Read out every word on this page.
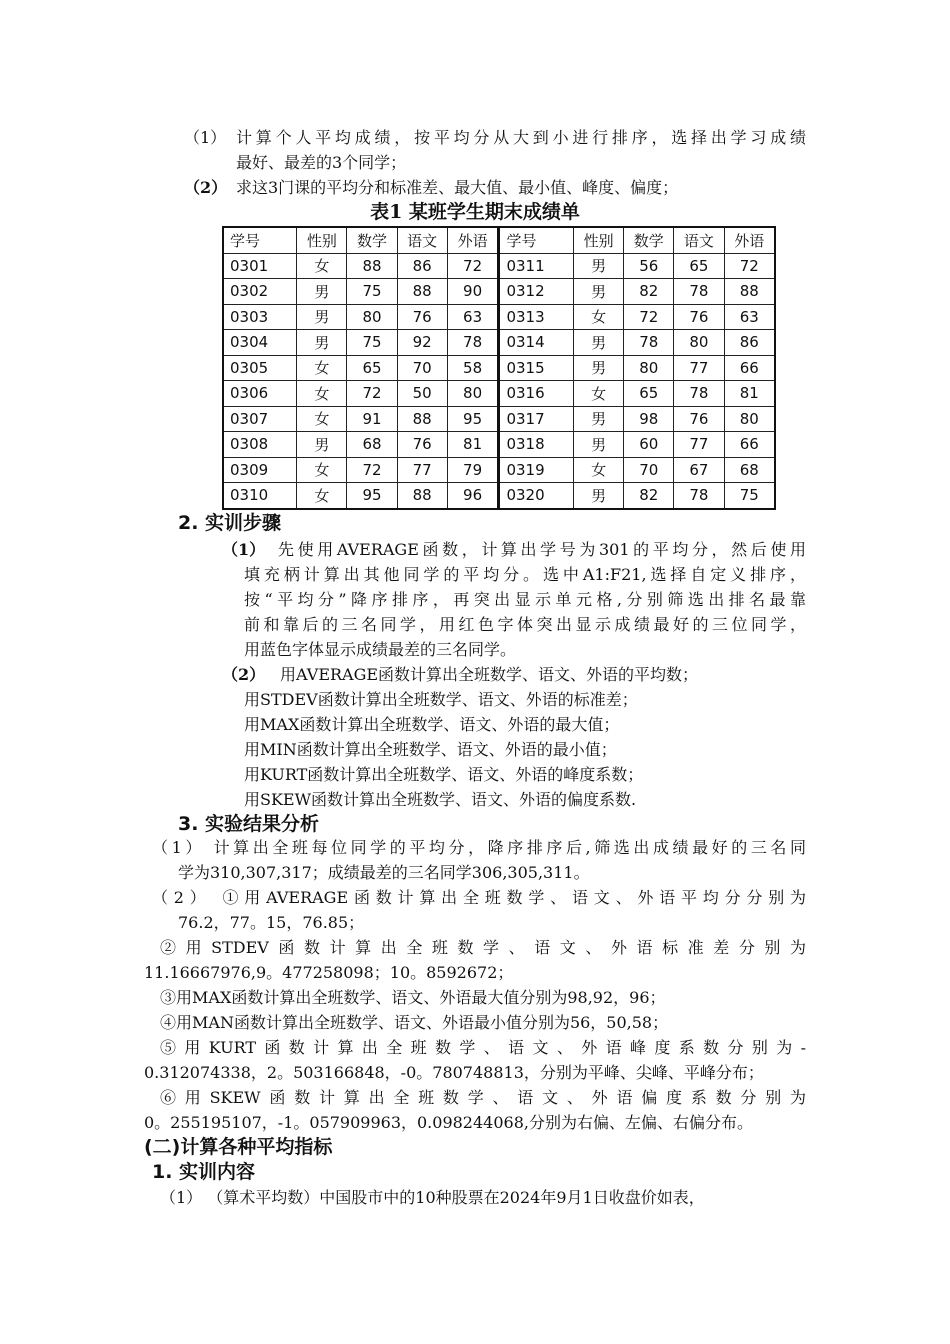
（1） 计算个人平均成绩，按平均分从大到小进行排序，选择出学习成绩
最好、最差的3个同学；
（2） 求这3门课的平均分和标准差、最大值、最小值、峰度、偏度；
表1 某班学生期末成绩单
学号	性别	数学	语文	外语	学号	性别	数学	语文	外语
0301	女	88	86	72	0311	男	56	65	72
0302	男	75	88	90	0312	男	82	78	88
0303	男	80	76	63	0313	女	72	76	63
0304	男	75	92	78	0314	男	78	80	86
0305	女	65	70	58	0315	男	80	77	66
0306	女	72	50	80	0316	女	65	78	81
0307	女	91	88	95	0317	男	98	76	80
0308	男	68	76	81	0318	男	60	77	66
0309	女	72	77	79	0319	女	70	67	68
0310	女	95	88	96	0320	男	82	78	75
2. 实训步骤
（1） 先使用AVERAGE函数，计算出学号为301的平均分，然后使用
填充柄计算出其他同学的平均分。选中A1:F21,选择自定义排序，
按“平均分”降序排序，再突出显示单元格,分别筛选出排名最靠
前和靠后的三名同学，用红色字体突出显示成绩最好的三位同学，
用蓝色字体显示成绩最差的三名同学。
（2） 用AVERAGE函数计算出全班数学、语文、外语的平均数；
用STDEV函数计算出全班数学、语文、外语的标准差；
用MAX函数计算出全班数学、语文、外语的最大值；
用MIN函数计算出全班数学、语文、外语的最小值；
用KURT函数计算出全班数学、语文、外语的峰度系数；
用SKEW函数计算出全班数学、语文、外语的偏度系数.
3. 实验结果分析
（1） 计算出全班每位同学的平均分，降序排序后,筛选出成绩最好的三名同
学为310,307,317；成绩最差的三名同学306,305,311。
（2） ①用AVERAGE函数计算出全班数学、语文、外语平均分分别为
76.2，77。15，76.85；
②用STDEV函数计算出全班数学、语文、外语标准差分别为
11.16667976,9。477258098；10。8592672；
③用MAX函数计算出全班数学、语文、外语最大值分别为98,92，96；
④用MAN函数计算出全班数学、语文、外语最小值分别为56，50,58；
⑤用KURT函数计算出全班数学、语文、外语峰度系数分别为-
0.312074338，2。503166848，-0。780748813，分别为平峰、尖峰、平峰分布；
⑥用SKEW函数计算出全班数学、语文、外语偏度系数分别为
0。255195107，-1。057909963，0.098244068,分别为右偏、左偏、右偏分布。
(二)计算各种平均指标
1. 实训内容
（1） （算术平均数）中国股市中的10种股票在2024年9月1日收盘价如表，
